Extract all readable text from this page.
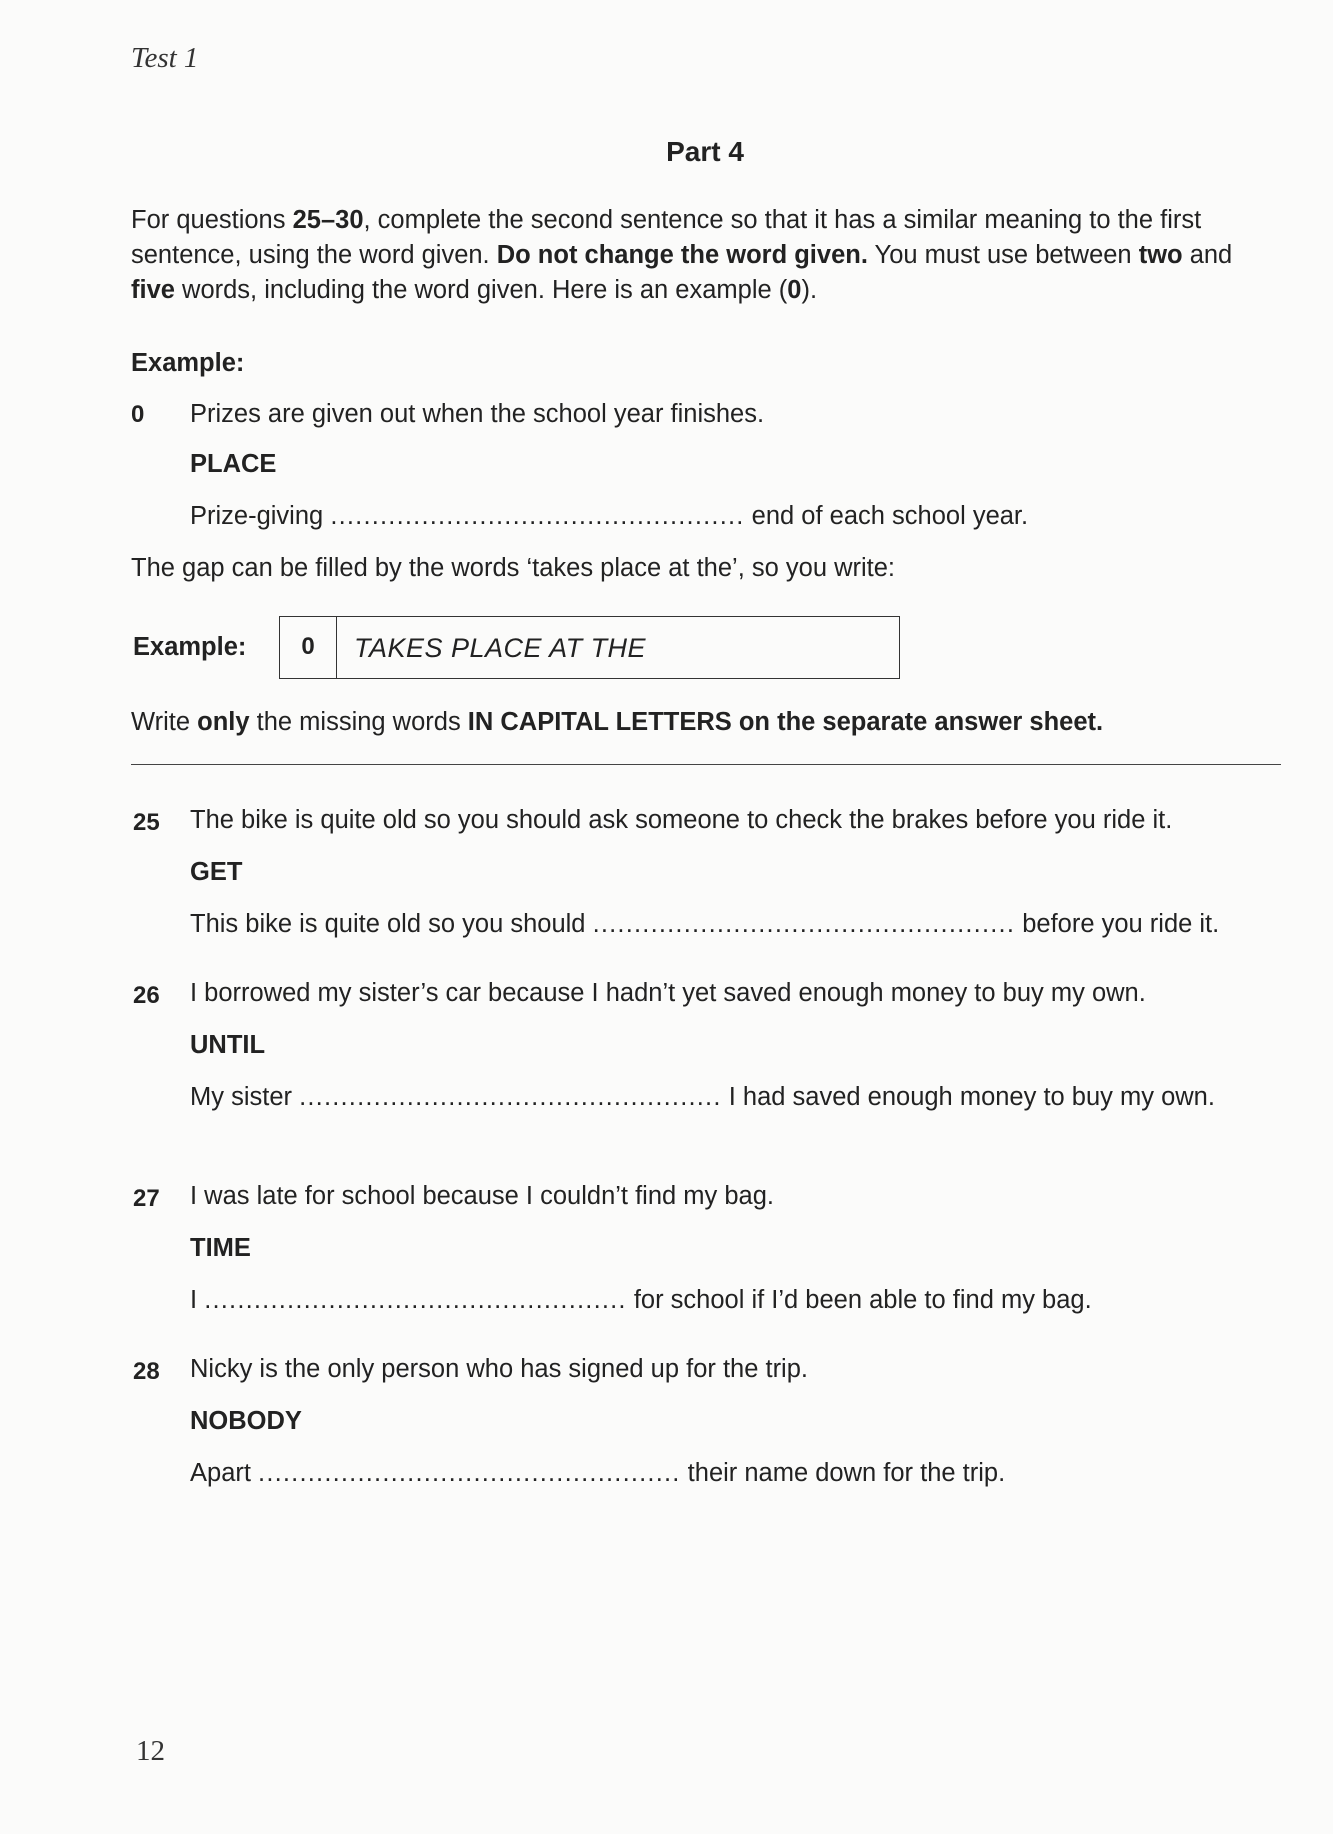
Test 1
Part 4
For questions 25–30, complete the second sentence so that it has a similar meaning to the first sentence, using the word given. Do not change the word given. You must use between two and five words, including the word given. Here is an example (0).
Example:
0 Prizes are given out when the school year finishes.
PLACE
Prize-giving .................................................. end of each school year.
The gap can be filled by the words ‘takes place at the’, so you write:
Example:	0	TAKES PLACE AT THE
Write only the missing words IN CAPITAL LETTERS on the separate answer sheet.
25 The bike is quite old so you should ask someone to check the brakes before you ride it.
GET
This bike is quite old so you should ................................................... before you ride it.
26 I borrowed my sister’s car because I hadn’t yet saved enough money to buy my own.
UNTIL
My sister ................................................... I had saved enough money to buy my own.
27 I was late for school because I couldn’t find my bag.
TIME
I ................................................... for school if I’d been able to find my bag.
28 Nicky is the only person who has signed up for the trip.
NOBODY
Apart ................................................... their name down for the trip.
12
